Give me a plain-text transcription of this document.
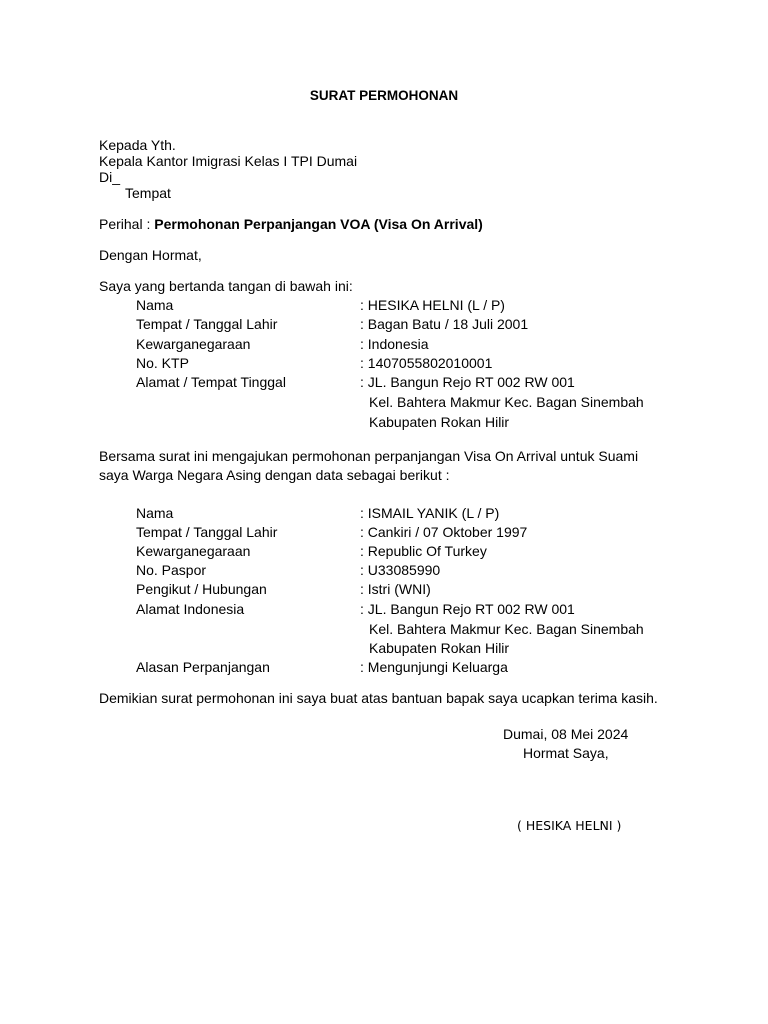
SURAT PERMOHONAN
Kepada Yth.
Kepala Kantor Imigrasi Kelas I TPI Dumai
Di_
Tempat
Perihal : Permohonan Perpanjangan VOA (Visa On Arrival)
Dengan Hormat,
Saya yang bertanda tangan di bawah ini:
Nama	: HESIKA HELNI (L / P)
Tempat / Tanggal Lahir	: Bagan Batu / 18 Juli 2001
Kewarganegaraan	: Indonesia
No. KTP	: 1407055802010001
Alamat / Tempat Tinggal	: JL. Bangun Rejo RT 002 RW 001
Kel. Bahtera Makmur Kec. Bagan Sinembah
Kabupaten Rokan Hilir
Bersama surat ini mengajukan permohonan perpanjangan Visa On Arrival untuk Suami
saya Warga Negara Asing dengan data sebagai berikut :
Nama	: ISMAIL YANIK (L / P)
Tempat / Tanggal Lahir	: Cankiri / 07 Oktober 1997
Kewarganegaraan	: Republic Of Turkey
No. Paspor	: U33085990
Pengikut / Hubungan	: Istri (WNI)
Alamat Indonesia	: JL. Bangun Rejo RT 002 RW 001
Kel. Bahtera Makmur Kec. Bagan Sinembah
Kabupaten Rokan Hilir
Alasan Perpanjangan	: Mengunjungi Keluarga
Demikian surat permohonan ini saya buat atas bantuan bapak saya ucapkan terima kasih.
Dumai, 08 Mei 2024
Hormat Saya,
( HESIKA HELNI )
